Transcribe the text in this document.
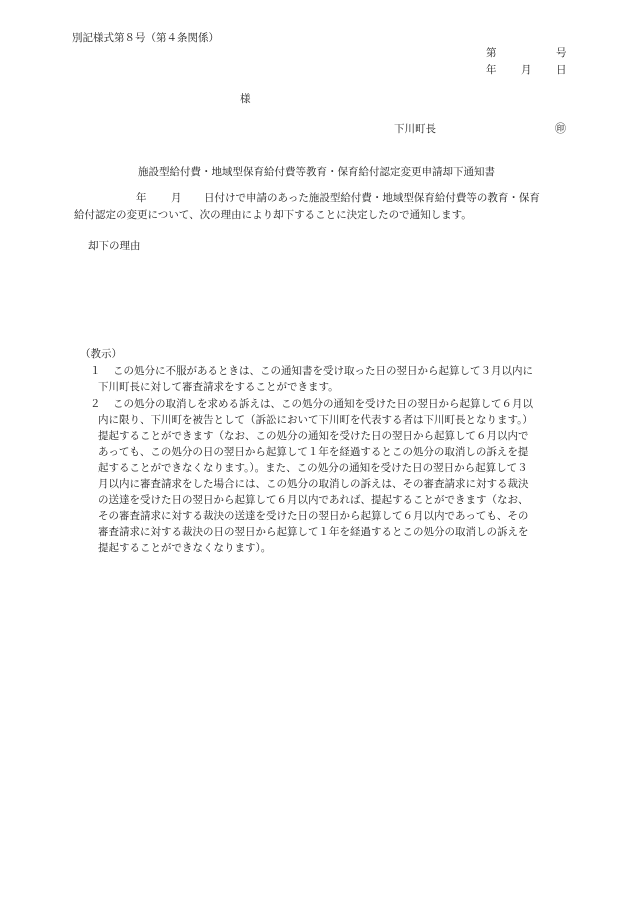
別記様式第８号（第４条関係）
第	号
年 月 日
様
下川町長	㊞
施設型給付費・地域型保育給付費等教育・保育給付認定変更申請却下通知書
年 月 日付けで申請のあった施設型給付費・地域型保育給付費等の教育・保育
給付認定の変更について、次の理由により却下することに決定したので通知します。
却下の理由
（教示）
１ この処分に不服があるときは、この通知書を受け取った日の翌日から起算して３月以内に
下川町長に対して審査請求をすることができます。
２ この処分の取消しを求める訴えは、この処分の通知を受けた日の翌日から起算して６月以
内に限り、下川町を被告として（訴訟において下川町を代表する者は下川町長となります。）
提起することができます（なお、この処分の通知を受けた日の翌日から起算して６月以内で
あっても、この処分の日の翌日から起算して１年を経過するとこの処分の取消しの訴えを提
起することができなくなります。）。また、この処分の通知を受けた日の翌日から起算して３
月以内に審査請求をした場合には、この処分の取消しの訴えは、その審査請求に対する裁決
の送達を受けた日の翌日から起算して６月以内であれば、提起することができます（なお、
その審査請求に対する裁決の送達を受けた日の翌日から起算して６月以内であっても、その
審査請求に対する裁決の日の翌日から起算して１年を経過するとこの処分の取消しの訴えを
提起することができなくなります）。
